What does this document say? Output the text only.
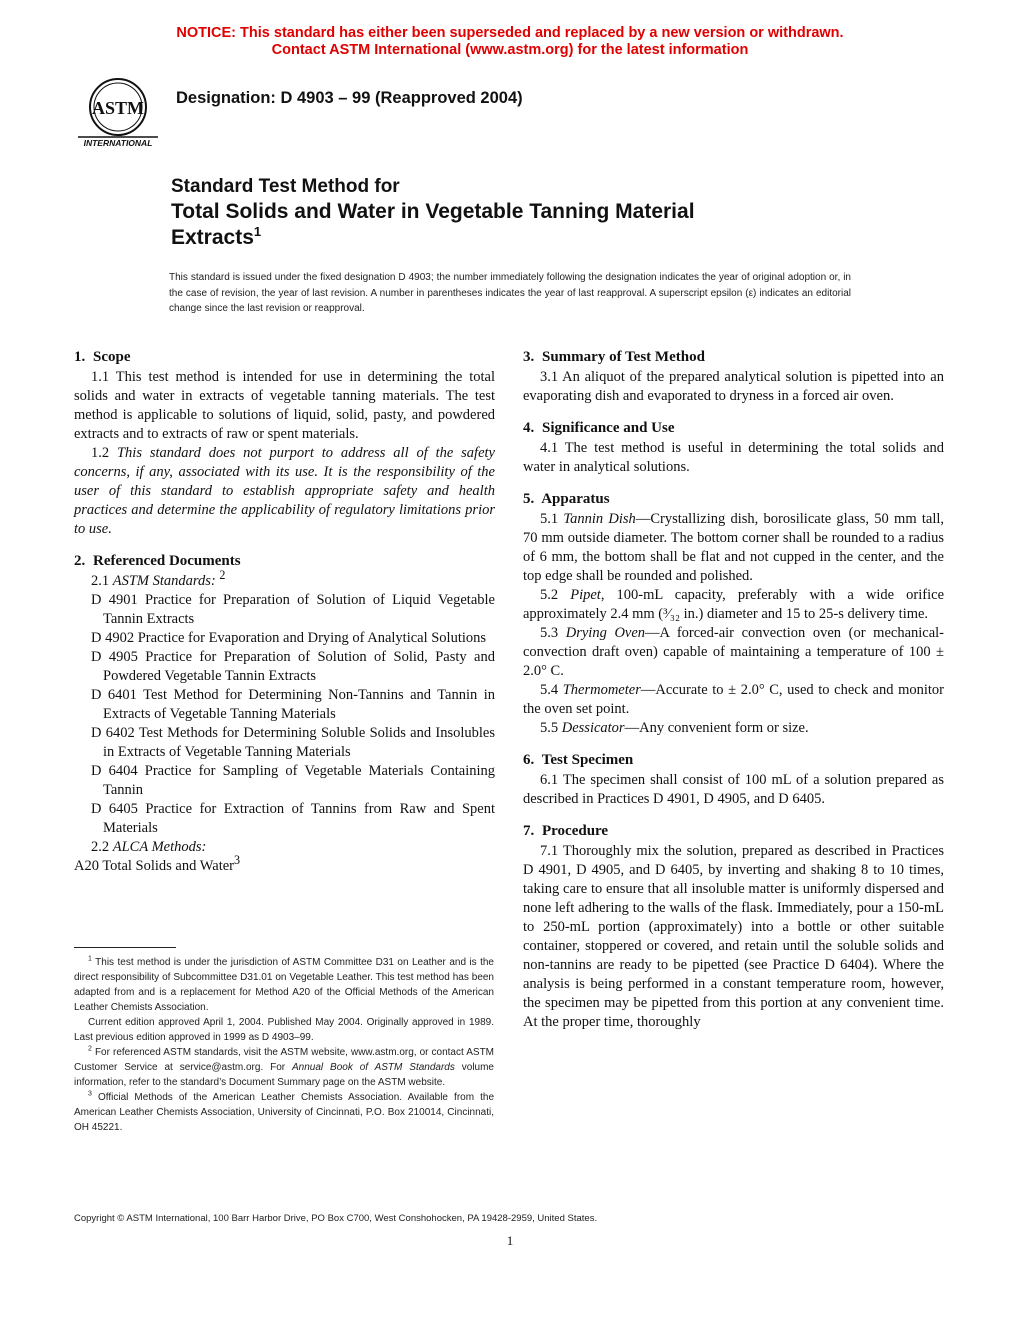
NOTICE: This standard has either been superseded and replaced by a new version or withdrawn.
Contact ASTM International (www.astm.org) for the latest information
ASTM
INTERNATIONAL
Designation: D 4903 – 99 (Reapproved 2004)
Standard Test Method for
Total Solids and Water in Vegetable Tanning Material
Extracts$^1$
This standard is issued under the fixed designation D 4903; the number immediately following the designation indicates the year of original adoption or, in the case of revision, the year of last revision. A number in parentheses indicates the year of last reapproval. A superscript epsilon (ε) indicates an editorial change since the last revision or reapproval.
1. Scope

1.1 This test method is intended for use in determining the total solids and water in extracts of vegetable tanning materials. The test method is applicable to solutions of liquid, solid, pasty, and powdered extracts and to extracts of raw or spent materials.

1.2 This standard does not purport to address all of the safety concerns, if any, associated with its use. It is the responsibility of the user of this standard to establish appropriate safety and health practices and determine the applicability of regulatory limitations prior to use.

2. Referenced Documents
2.1 ASTM Standards: $^2$
D 4901 Practice for Preparation of Solution of Liquid Vegetable Tannin Extracts
D 4902 Practice for Evaporation and Drying of Analytical Solutions
D 4905 Practice for Preparation of Solution of Solid, Pasty and Powdered Vegetable Tannin Extracts
D 6401 Test Method for Determining Non-Tannins and Tannin in Extracts of Vegetable Tanning Materials
D 6402 Test Methods for Determining Soluble Solids and Insolubles in Extracts of Vegetable Tanning Materials
D 6404 Practice for Sampling of Vegetable Materials Containing Tannin
D 6405 Practice for Extraction of Tannins from Raw and Spent Materials
2.2 ALCA Methods:
A20 Total Solids and Water$^3$
3. Summary of Test Method

3.1 An aliquot of the prepared analytical solution is pipetted into an evaporating dish and evaporated to dryness in a forced air oven.

4. Significance and Use

4.1 The test method is useful in determining the total solids and water in analytical solutions.

5. Apparatus

5.1 Tannin Dish—Crystallizing dish, borosilicate glass, 50 mm tall, 70 mm outside diameter. The bottom corner shall be rounded to a radius of 6 mm, the bottom shall be flat and not cupped in the center, and the top edge shall be rounded and polished.

5.2 Pipet, 100-mL capacity, preferably with a wide orifice approximately 2.4 mm (³⁄₃₂ in.) diameter and 15 to 25-s delivery time.

5.3 Drying Oven—A forced-air convection oven (or mechanical-convection draft oven) capable of maintaining a temperature of 100 ± 2.0° C.

5.4 Thermometer—Accurate to ± 2.0° C, used to check and monitor the oven set point.

5.5 Dessicator—Any convenient form or size.

6. Test Specimen

6.1 The specimen shall consist of 100 mL of a solution prepared as described in Practices D 4901, D 4905, and D 6405.

7. Procedure

7.1 Thoroughly mix the solution, prepared as described in Practices D 4901, D 4905, and D 6405, by inverting and shaking 8 to 10 times, taking care to ensure that all insoluble matter is uniformly dispersed and none left adhering to the walls of the flask. Immediately, pour a 150-mL to 250-mL portion (approximately) into a bottle or other suitable container, stoppered or covered, and retain until the soluble solids and non-tannins are ready to be pipetted (see Practice D 6404). Where the analysis is being performed in a constant temperature room, however, the specimen may be pipetted from this portion at any convenient time. At the proper time, thoroughly

$^1$ This test method is under the jurisdiction of ASTM Committee D31 on Leather and is the direct responsibility of Subcommittee D31.01 on Vegetable Leather. This test method has been adapted from and is a replacement for Method A20 of the Official Methods of the American Leather Chemists Association.

Current edition approved April 1, 2004. Published May 2004. Originally approved in 1989. Last previous edition approved in 1999 as D 4903–99.

$^2$ For referenced ASTM standards, visit the ASTM website, www.astm.org, or contact ASTM Customer Service at service@astm.org. For Annual Book of ASTM Standards volume information, refer to the standard’s Document Summary page on the ASTM website.

$^3$ Official Methods of the American Leather Chemists Association. Available from the American Leather Chemists Association, University of Cincinnati, P.O. Box 210014, Cincinnati, OH 45221.

Copyright © ASTM International, 100 Barr Harbor Drive, PO Box C700, West Conshohocken, PA 19428-2959, United States.
1
